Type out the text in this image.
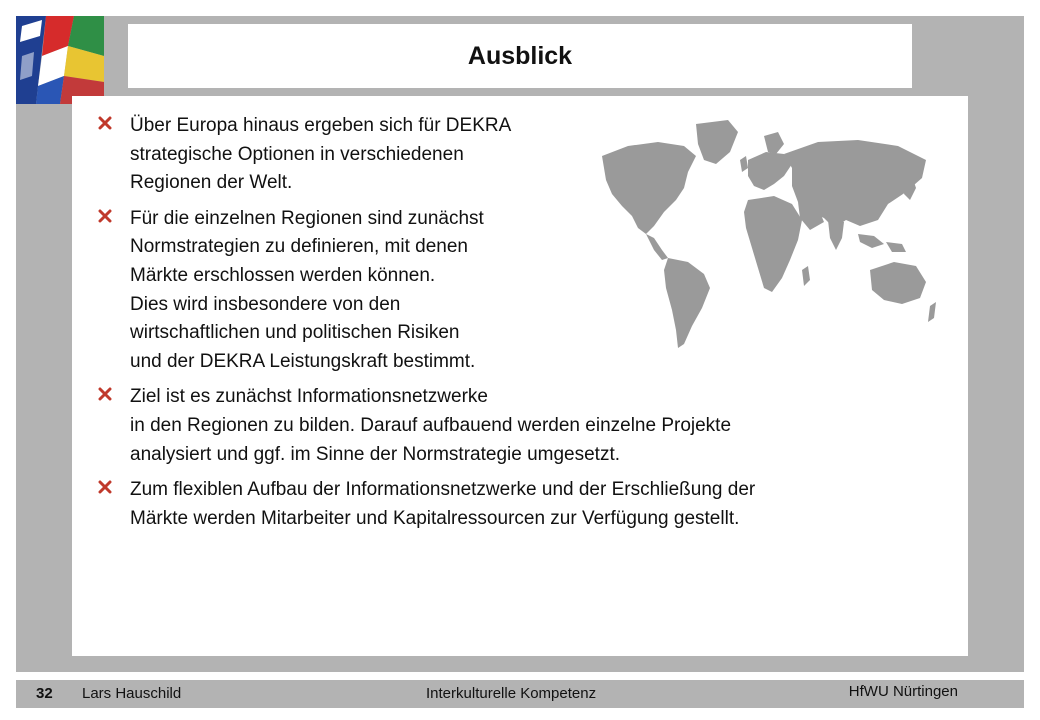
Ausblick
Über Europa hinaus ergeben sich für DEKRA
strategische Optionen in verschiedenen
Regionen der Welt.
Für die einzelnen Regionen sind zunächst
Normstrategien zu definieren, mit denen
Märkte erschlossen werden können.
Dies wird insbesondere von den
wirtschaftlichen und politischen Risiken
und der DEKRA Leistungskraft bestimmt.
Ziel ist es zunächst Informationsnetzwerke
in den Regionen zu bilden. Darauf aufbauend werden einzelne Projekte
analysiert und ggf. im Sinne der Normstrategie umgesetzt.
Zum flexiblen Aufbau der Informationsnetzwerke und der Erschließung der
Märkte werden Mitarbeiter und Kapitalressourcen zur Verfügung gestellt.
32 Lars Hauschild	Interkulturelle Kompetenz	HfWU Nürtingen
